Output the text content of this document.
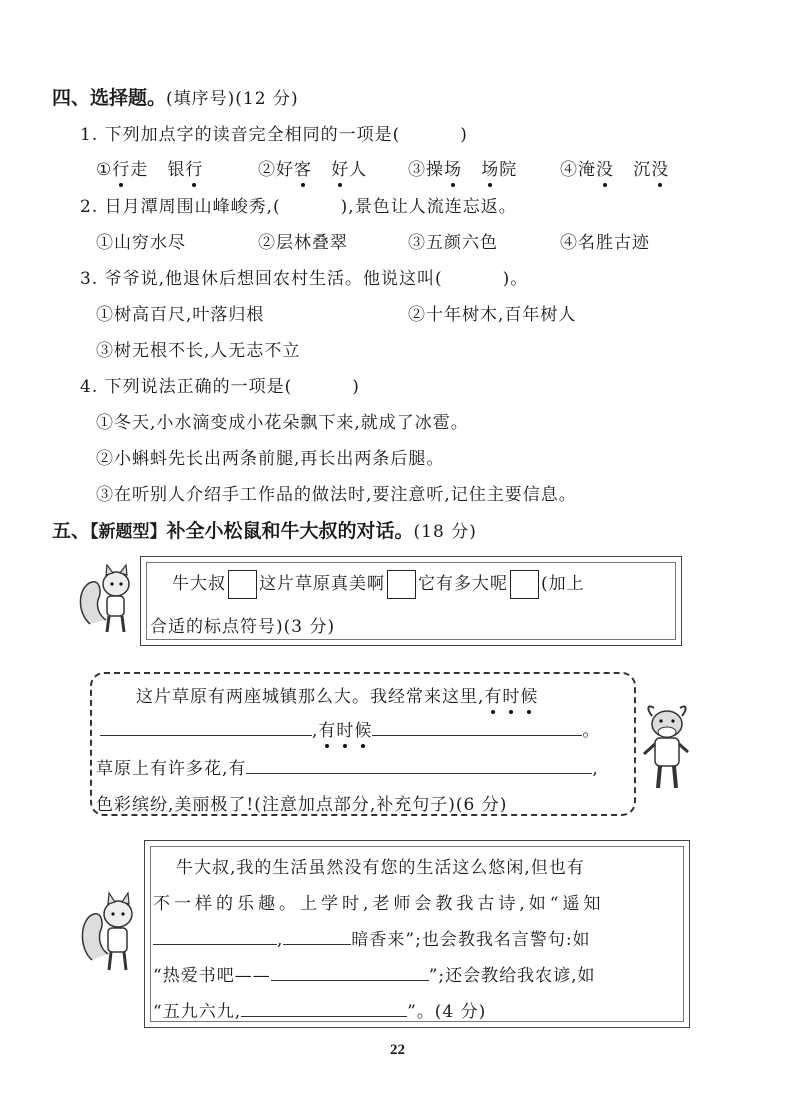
四、选择题。(填序号)(12 分)
1. 下列加点字的读音完全相同的一项是(	)
①行走   银行	②好客 好人 ③操场 场院	④淹没   沉没
2. 日月潭周围山峰峻秀,(	),景色让人流连忘返。
①山穷水尽	②层林叠翠	③五颜六色	④名胜古迹
3. 爷爷说,他退休后想回农村生活。他说这叫(	)。
①树高百尺,叶落归根	②十年树木,百年树人
③树无根不长,人无志不立
4. 下列说法正确的一项是(	)
①冬天,小水滴变成小花朵飘下来,就成了冰雹。
②小蝌蚪先长出两条前腿,再长出两条后腿。
③在听别人介绍手工作品的做法时,要注意听,记住主要信息。
五、【新题型】补全小松鼠和牛大叔的对话。(18 分)
牛大叔 这片草原真美啊 它有多大呢 (加上
合适的标点符号)(3 分)
这片草原有两座城镇那么大。我经常来这里,有时候
,有时候	。
草原上有许多花,有	,
色彩缤纷,美丽极了!(注意加点部分,补充句子)(6 分)
牛大叔,我的生活虽然没有您的生活这么悠闲,但也有
不一样的乐趣。上学时,老师会教我古诗,如“遥知
,	暗香来”;也会教我名言警句:如
“热爱书吧——	”;还会教给我农谚,如
“五九六九,	”。(4 分)
22
